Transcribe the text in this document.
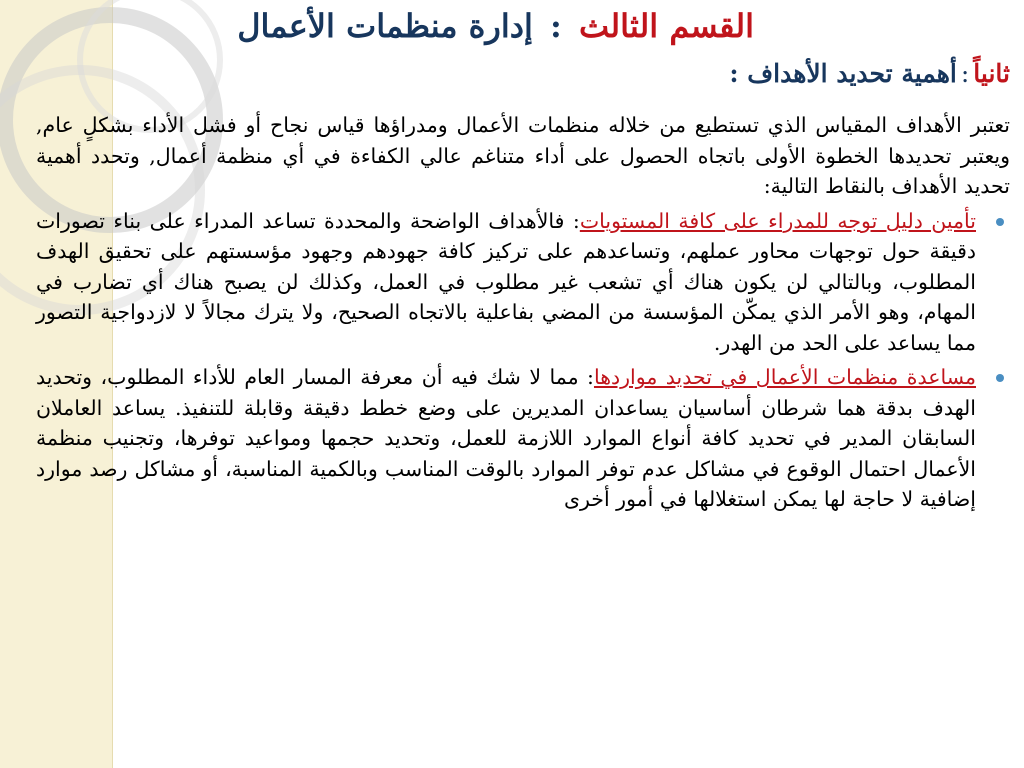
القسم الثالث : إدارة منظمات الأعمال
ثانياً:أهمية تحديد الأهداف :

تعتبر الأهداف المقياس الذي تستطيع من خلاله منظمات الأعمال ومدراؤها قياس نجاح أو فشل الأداء بشكلٍ عام, ويعتبر تحديدها الخطوة الأولى باتجاه الحصول على أداء متناغم عالي الكفاءة في أي منظمة أعمال, وتحدد أهمية تحديد الأهداف بالنقاط التالية:

تأمين دليل توجه للمدراء على كافة المستويات: فالأهداف الواضحة والمحددة تساعد المدراء على بناء تصورات دقيقة حول توجهات محاور عملهم، وتساعدهم على تركيز كافة جهودهم وجهود مؤسستهم على تحقيق الهدف المطلوب، وبالتالي لن يكون هناك أي تشعب غير مطلوب في العمل، وكذلك لن يصبح هناك أي تضارب في المهام، وهو الأمر الذي يمكّن المؤسسة من المضي بفاعلية بالاتجاه الصحيح، ولا يترك مجالاً لا لازدواجية التصور مما يساعد على الحد من الهدر.
مساعدة منظمات الأعمال في تحديد مواردها: مما لا شك فيه أن معرفة المسار العام للأداء المطلوب، وتحديد الهدف بدقة هما شرطان أساسيان يساعدان المديرين على وضع خطط دقيقة وقابلة للتنفيذ. يساعد العاملان السابقان المدير في تحديد كافة أنواع الموارد اللازمة للعمل، وتحديد حجمها ومواعيد توفرها، وتجنيب منظمة الأعمال احتمال الوقوع في مشاكل عدم توفر الموارد بالوقت المناسب وبالكمية المناسبة، أو مشاكل رصد موارد إضافية لا حاجة لها يمكن استغلالها في أمور أخرى
